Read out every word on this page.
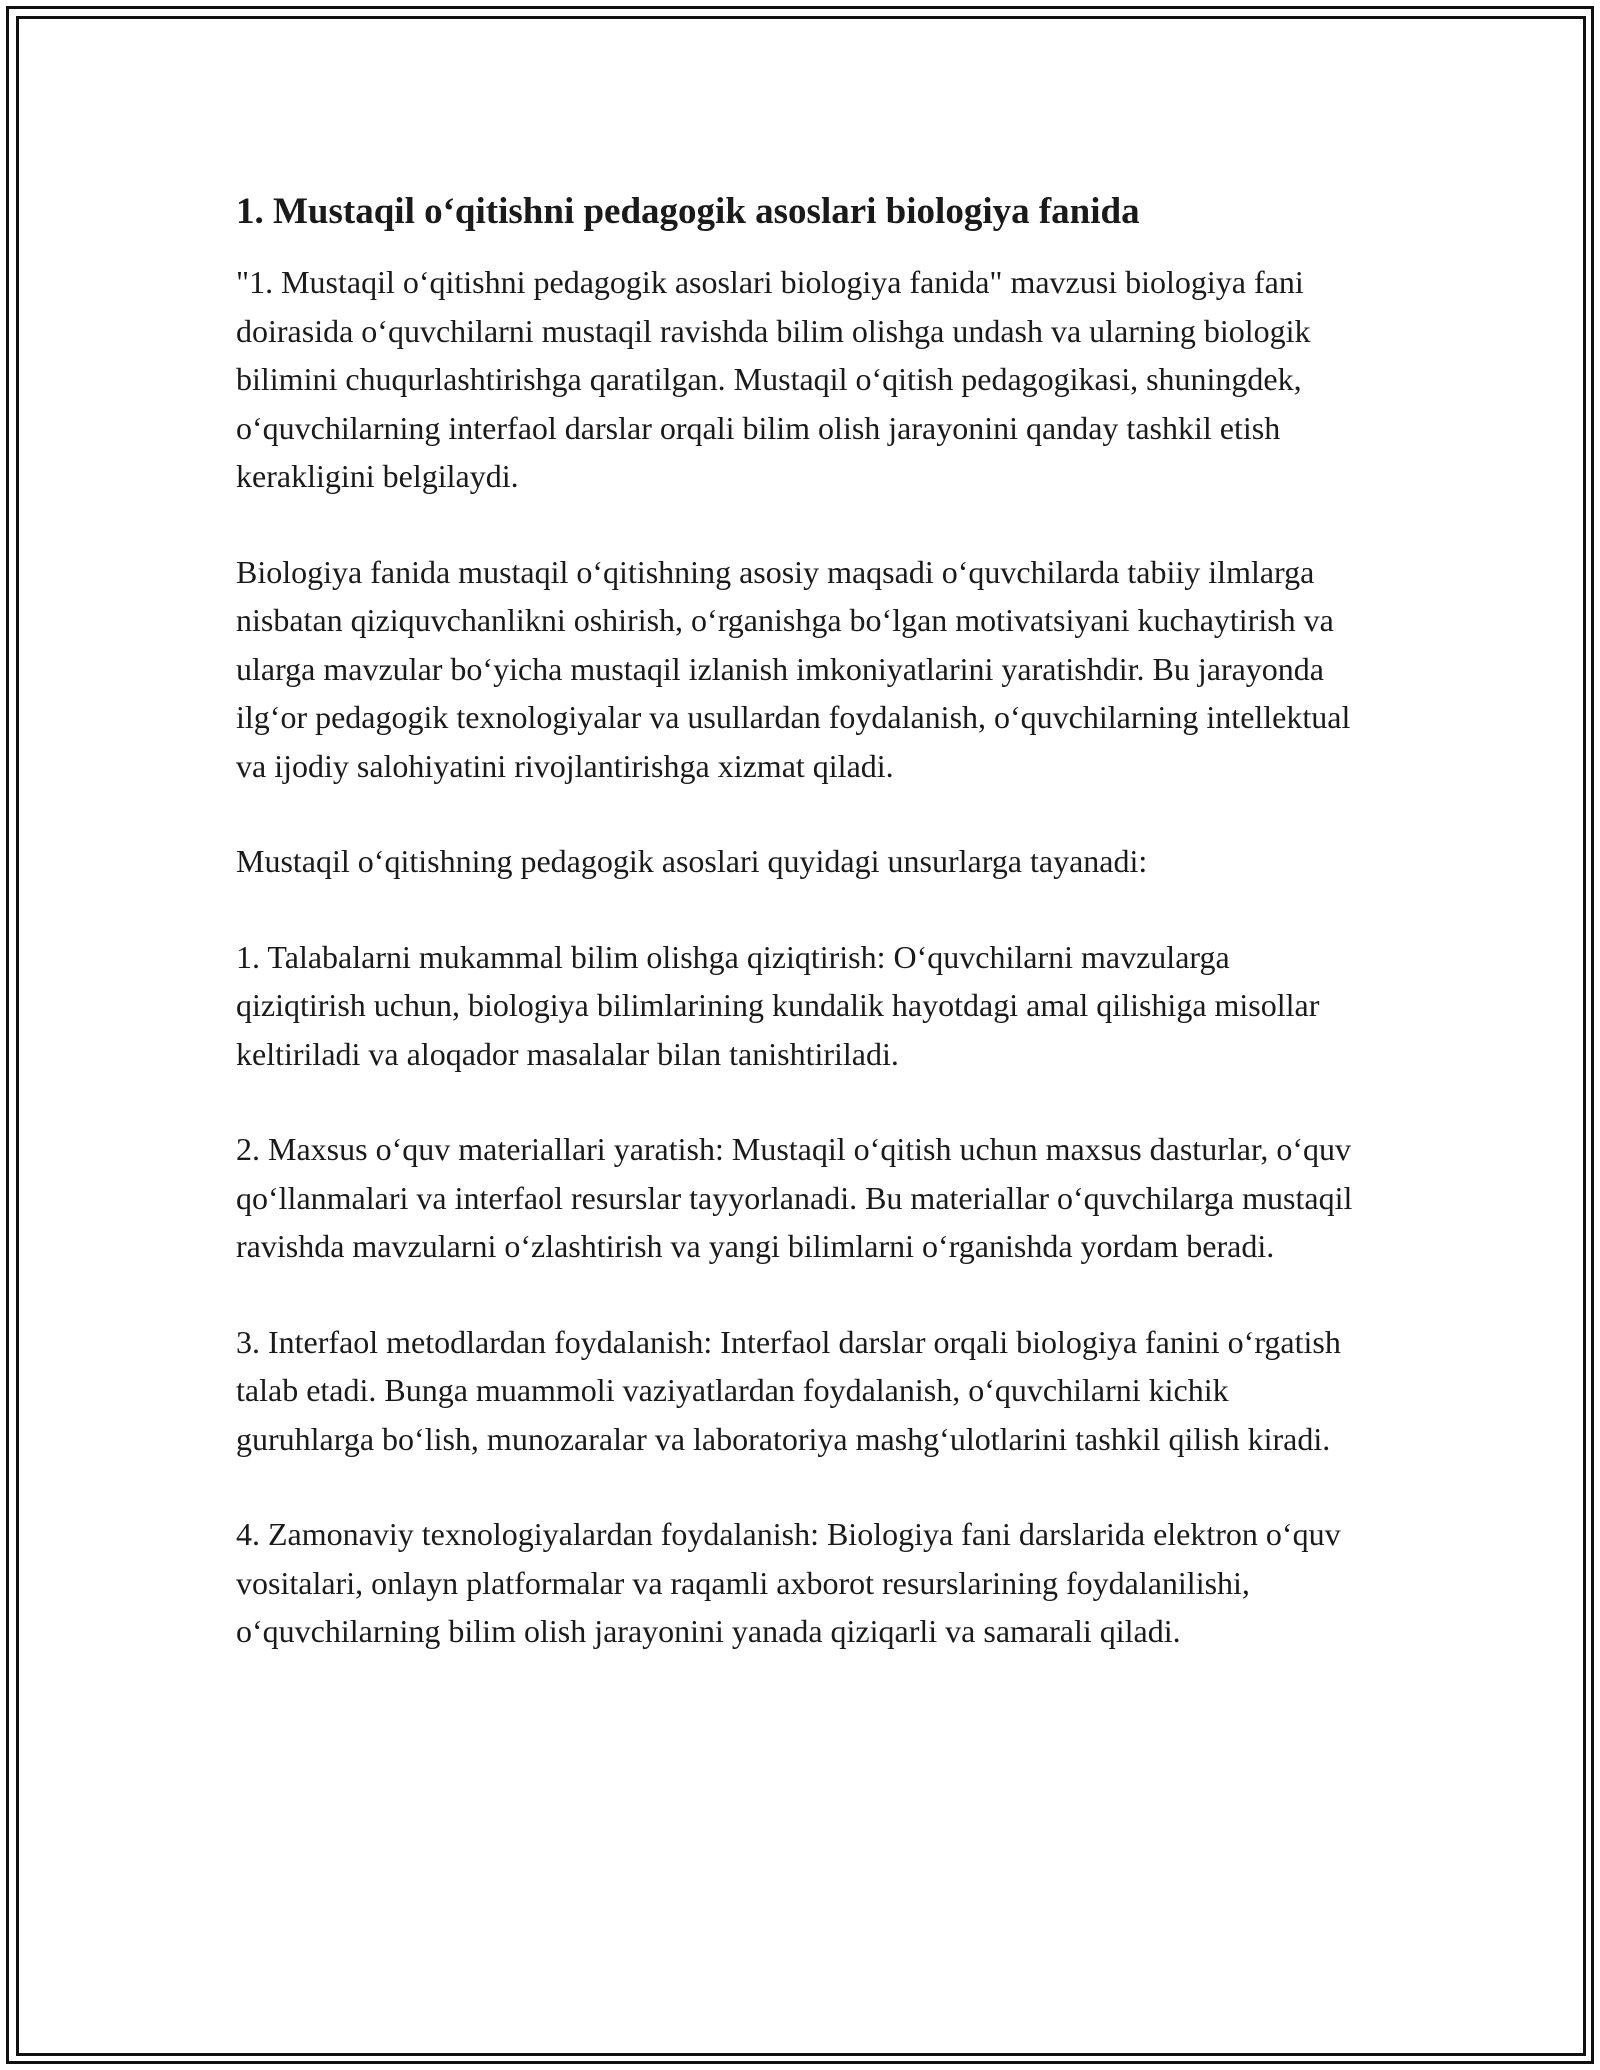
1. Mustaqil o‘qitishni pedagogik asoslari biologiya fanida

"1. Mustaqil o‘qitishni pedagogik asoslari biologiya fanida" mavzusi biologiya fani doirasida o‘quvchilarni mustaqil ravishda bilim olishga undash va ularning biologik bilimini chuqurlashtirishga qaratilgan. Mustaqil o‘qitish pedagogikasi, shuningdek, o‘quvchilarning interfaol darslar orqali bilim olish jarayonini qanday tashkil etish kerakligini belgilaydi.

Biologiya fanida mustaqil o‘qitishning asosiy maqsadi o‘quvchilarda tabiiy ilmlarga nisbatan qiziquvchanlikni oshirish, o‘rganishga bo‘lgan motivatsiyani kuchaytirish va ularga mavzular bo‘yicha mustaqil izlanish imkoniyatlarini yaratishdir. Bu jarayonda ilg‘or pedagogik texnologiyalar va usullardan foydalanish, o‘quvchilarning intellektual va ijodiy salohiyatini rivojlantirishga xizmat qiladi.

Mustaqil o‘qitishning pedagogik asoslari quyidagi unsurlarga tayanadi:

1. Talabalarni mukammal bilim olishga qiziqtirish: O‘quvchilarni mavzularga qiziqtirish uchun, biologiya bilimlarining kundalik hayotdagi amal qilishiga misollar keltiriladi va aloqador masalalar bilan tanishtiriladi.

2. Maxsus o‘quv materiallari yaratish: Mustaqil o‘qitish uchun maxsus dasturlar, o‘quv qo‘llanmalari va interfaol resurslar tayyorlanadi. Bu materiallar o‘quvchilarga mustaqil ravishda mavzularni o‘zlashtirish va yangi bilimlarni o‘rganishda yordam beradi.

3. Interfaol metodlardan foydalanish: Interfaol darslar orqali biologiya fanini o‘rgatish talab etadi. Bunga muammoli vaziyatlardan foydalanish, o‘quvchilarni kichik guruhlarga bo‘lish, munozaralar va laboratoriya mashg‘ulotlarini tashkil qilish kiradi.

4. Zamonaviy texnologiyalardan foydalanish: Biologiya fani darslarida elektron o‘quv vositalari, onlayn platformalar va raqamli axborot resurslarining foydalanilishi, o‘quvchilarning bilim olish jarayonini yanada qiziqarli va samarali qiladi.
